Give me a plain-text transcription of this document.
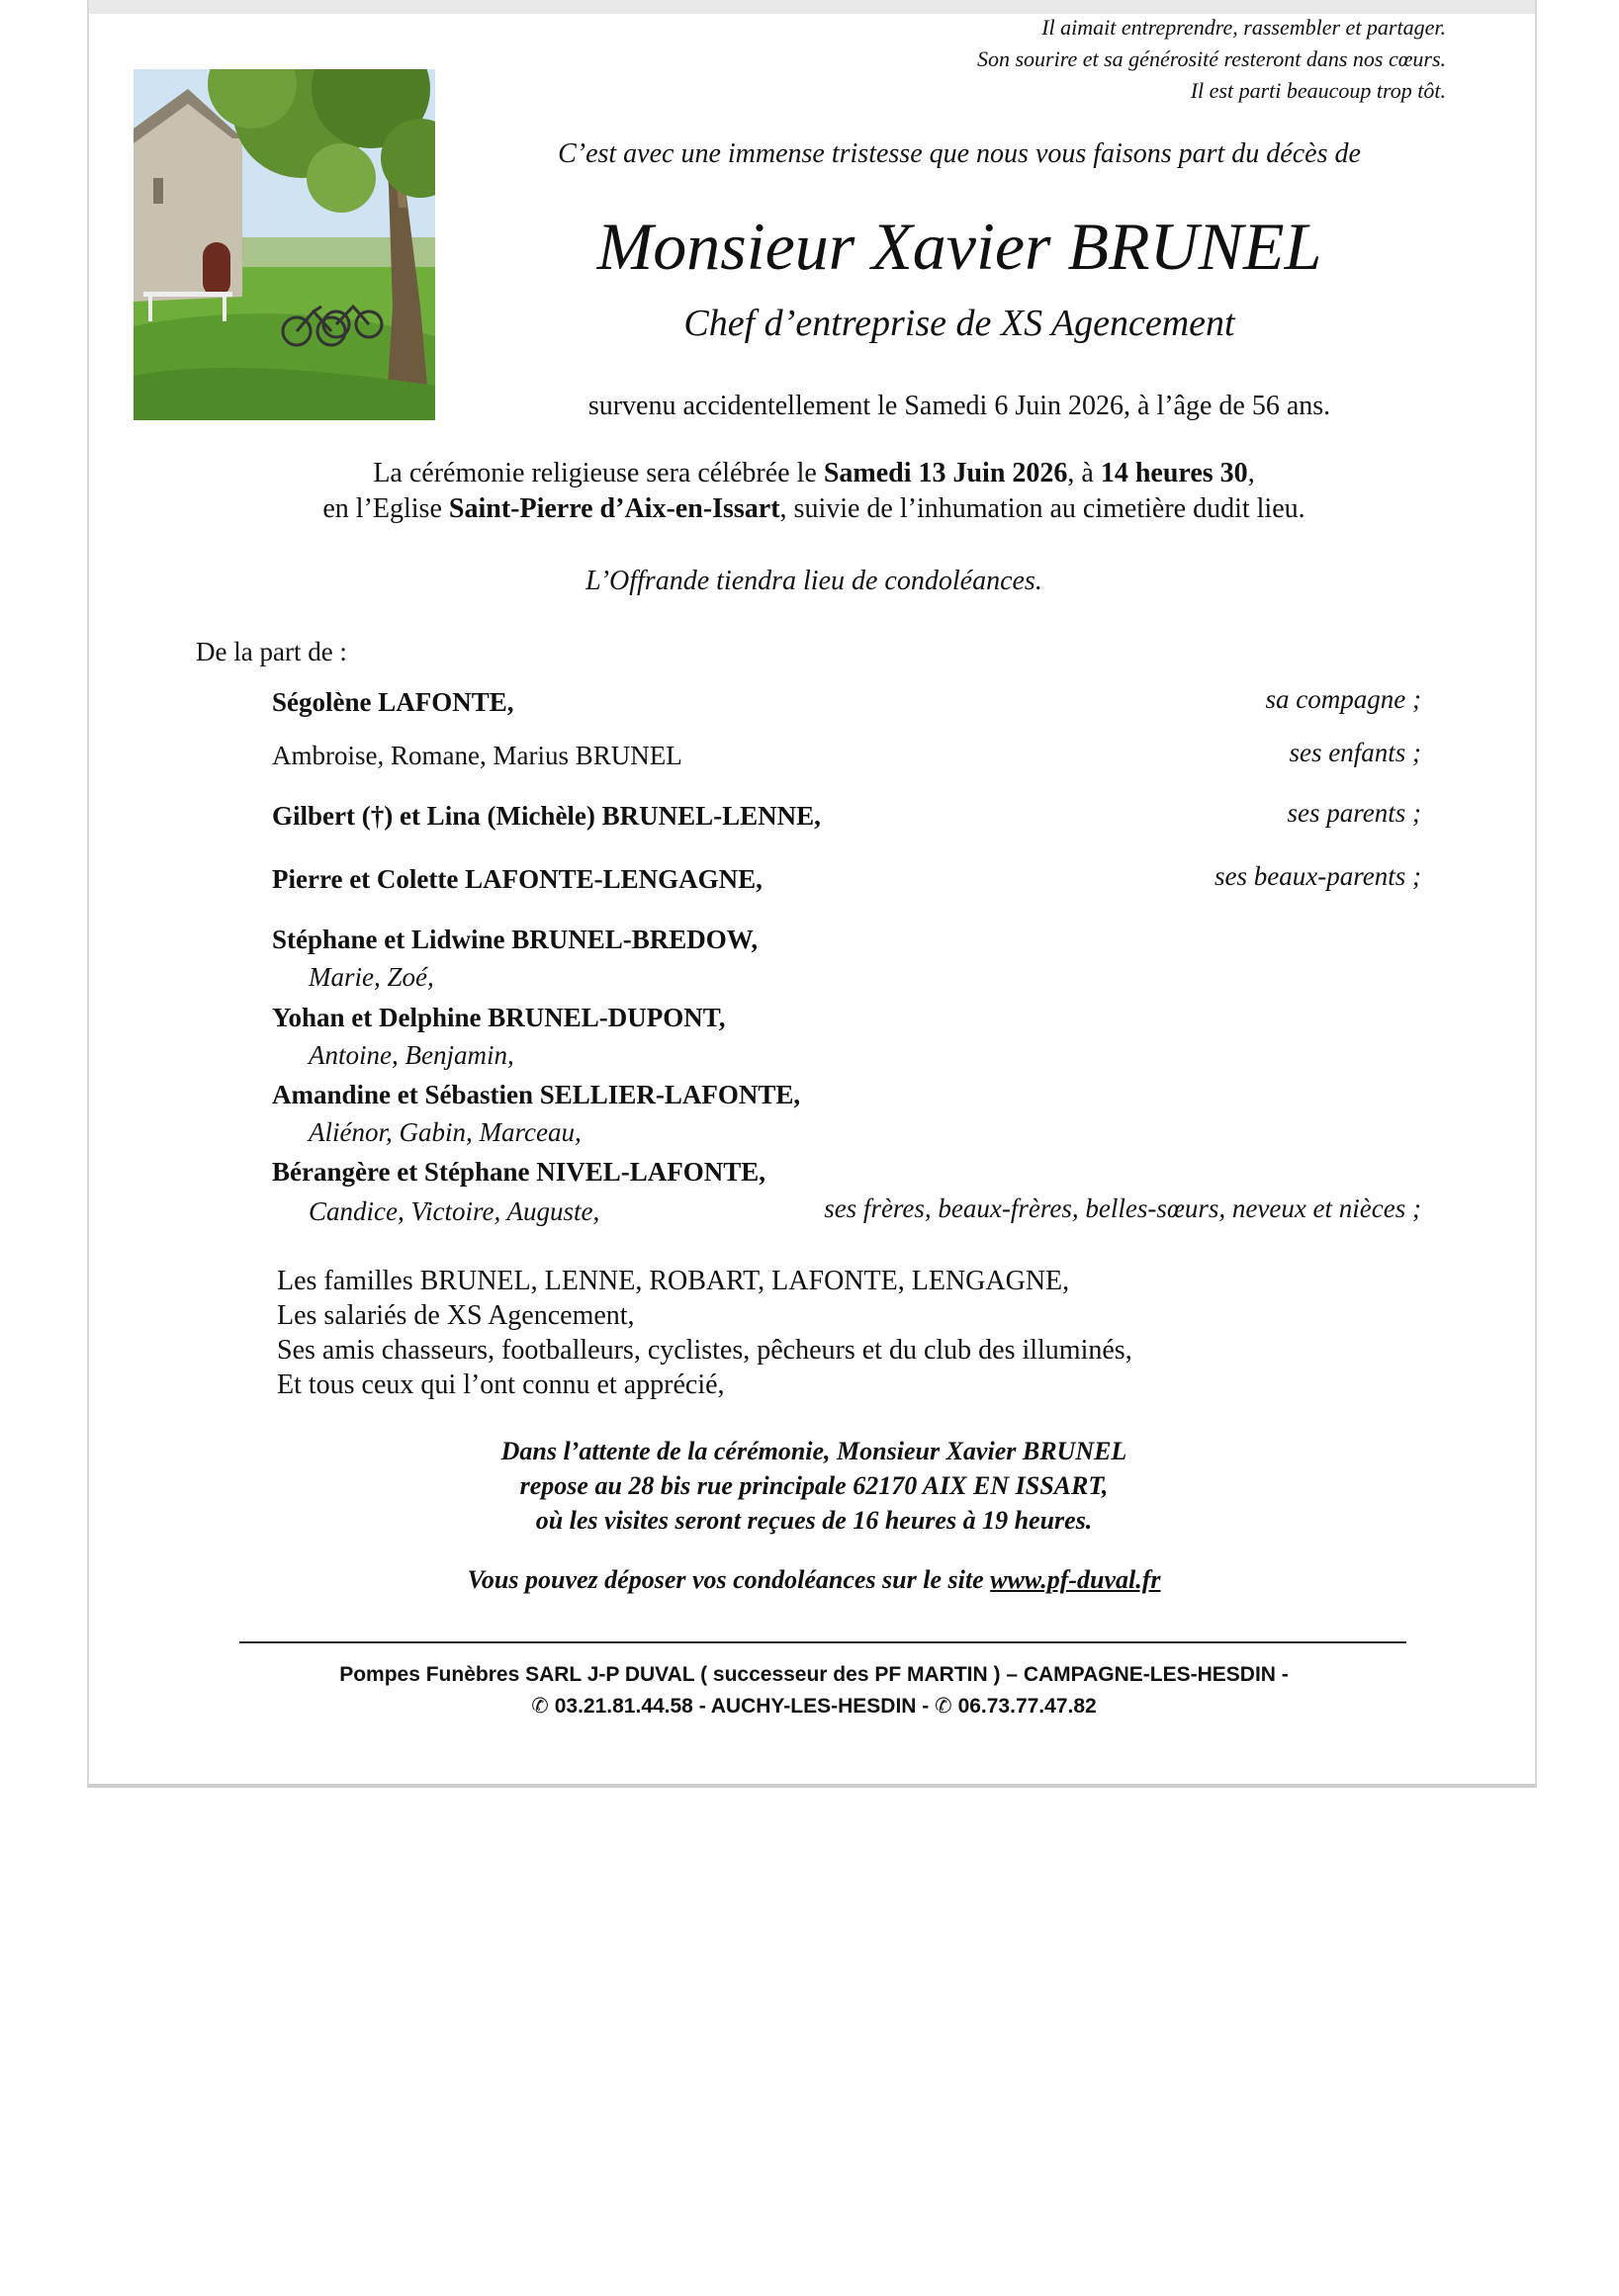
Il aimait entreprendre, rassembler et partager.
Son sourire et sa générosité resteront dans nos cœurs.
Il est parti beaucoup trop tôt.
C’est avec une immense tristesse que nous vous faisons part du décès de
Monsieur Xavier BRUNEL
Chef d’entreprise de XS Agencement
survenu accidentellement le Samedi 6 Juin 2026, à l’âge de 56 ans.
La cérémonie religieuse sera célébrée le Samedi 13 Juin 2026, à 14 heures 30,
en l’Eglise Saint-Pierre d’Aix-en-Issart, suivie de l’inhumation au cimetière dudit lieu.
L’Offrande tiendra lieu de condoléances.
De la part de :
Ségolène LAFONTE,	sa compagne ;
Ambroise, Romane, Marius BRUNEL	ses enfants ;
Gilbert (†) et Lina (Michèle) BRUNEL-LENNE,	ses parents ;
Pierre et Colette LAFONTE-LENGAGNE,	ses beaux-parents ;
Stéphane et Lidwine BRUNEL-BREDOW,
Marie, Zoé,
Yohan et Delphine BRUNEL-DUPONT,
Antoine, Benjamin,
Amandine et Sébastien SELLIER-LAFONTE,
Aliénor, Gabin, Marceau,
Bérangère et Stéphane NIVEL-LAFONTE,
Candice, Victoire, Auguste,	ses frères, beaux-frères, belles-sœurs, neveux et nièces ;
Les familles BRUNEL, LENNE, ROBART, LAFONTE, LENGAGNE,
Les salariés de XS Agencement,
Ses amis chasseurs, footballeurs, cyclistes, pêcheurs et du club des illuminés,
Et tous ceux qui l’ont connu et apprécié,
Dans l’attente de la cérémonie, Monsieur Xavier BRUNEL
repose au 28 bis rue principale 62170 AIX EN ISSART,
où les visites seront reçues de 16 heures à 19 heures.
Vous pouvez déposer vos condoléances sur le site www.pf-duval.fr
Pompes Funèbres SARL J-P DUVAL ( successeur des PF MARTIN ) – CAMPAGNE-LES-HESDIN -
✆ 03.21.81.44.58 - AUCHY-LES-HESDIN - ✆ 06.73.77.47.82
